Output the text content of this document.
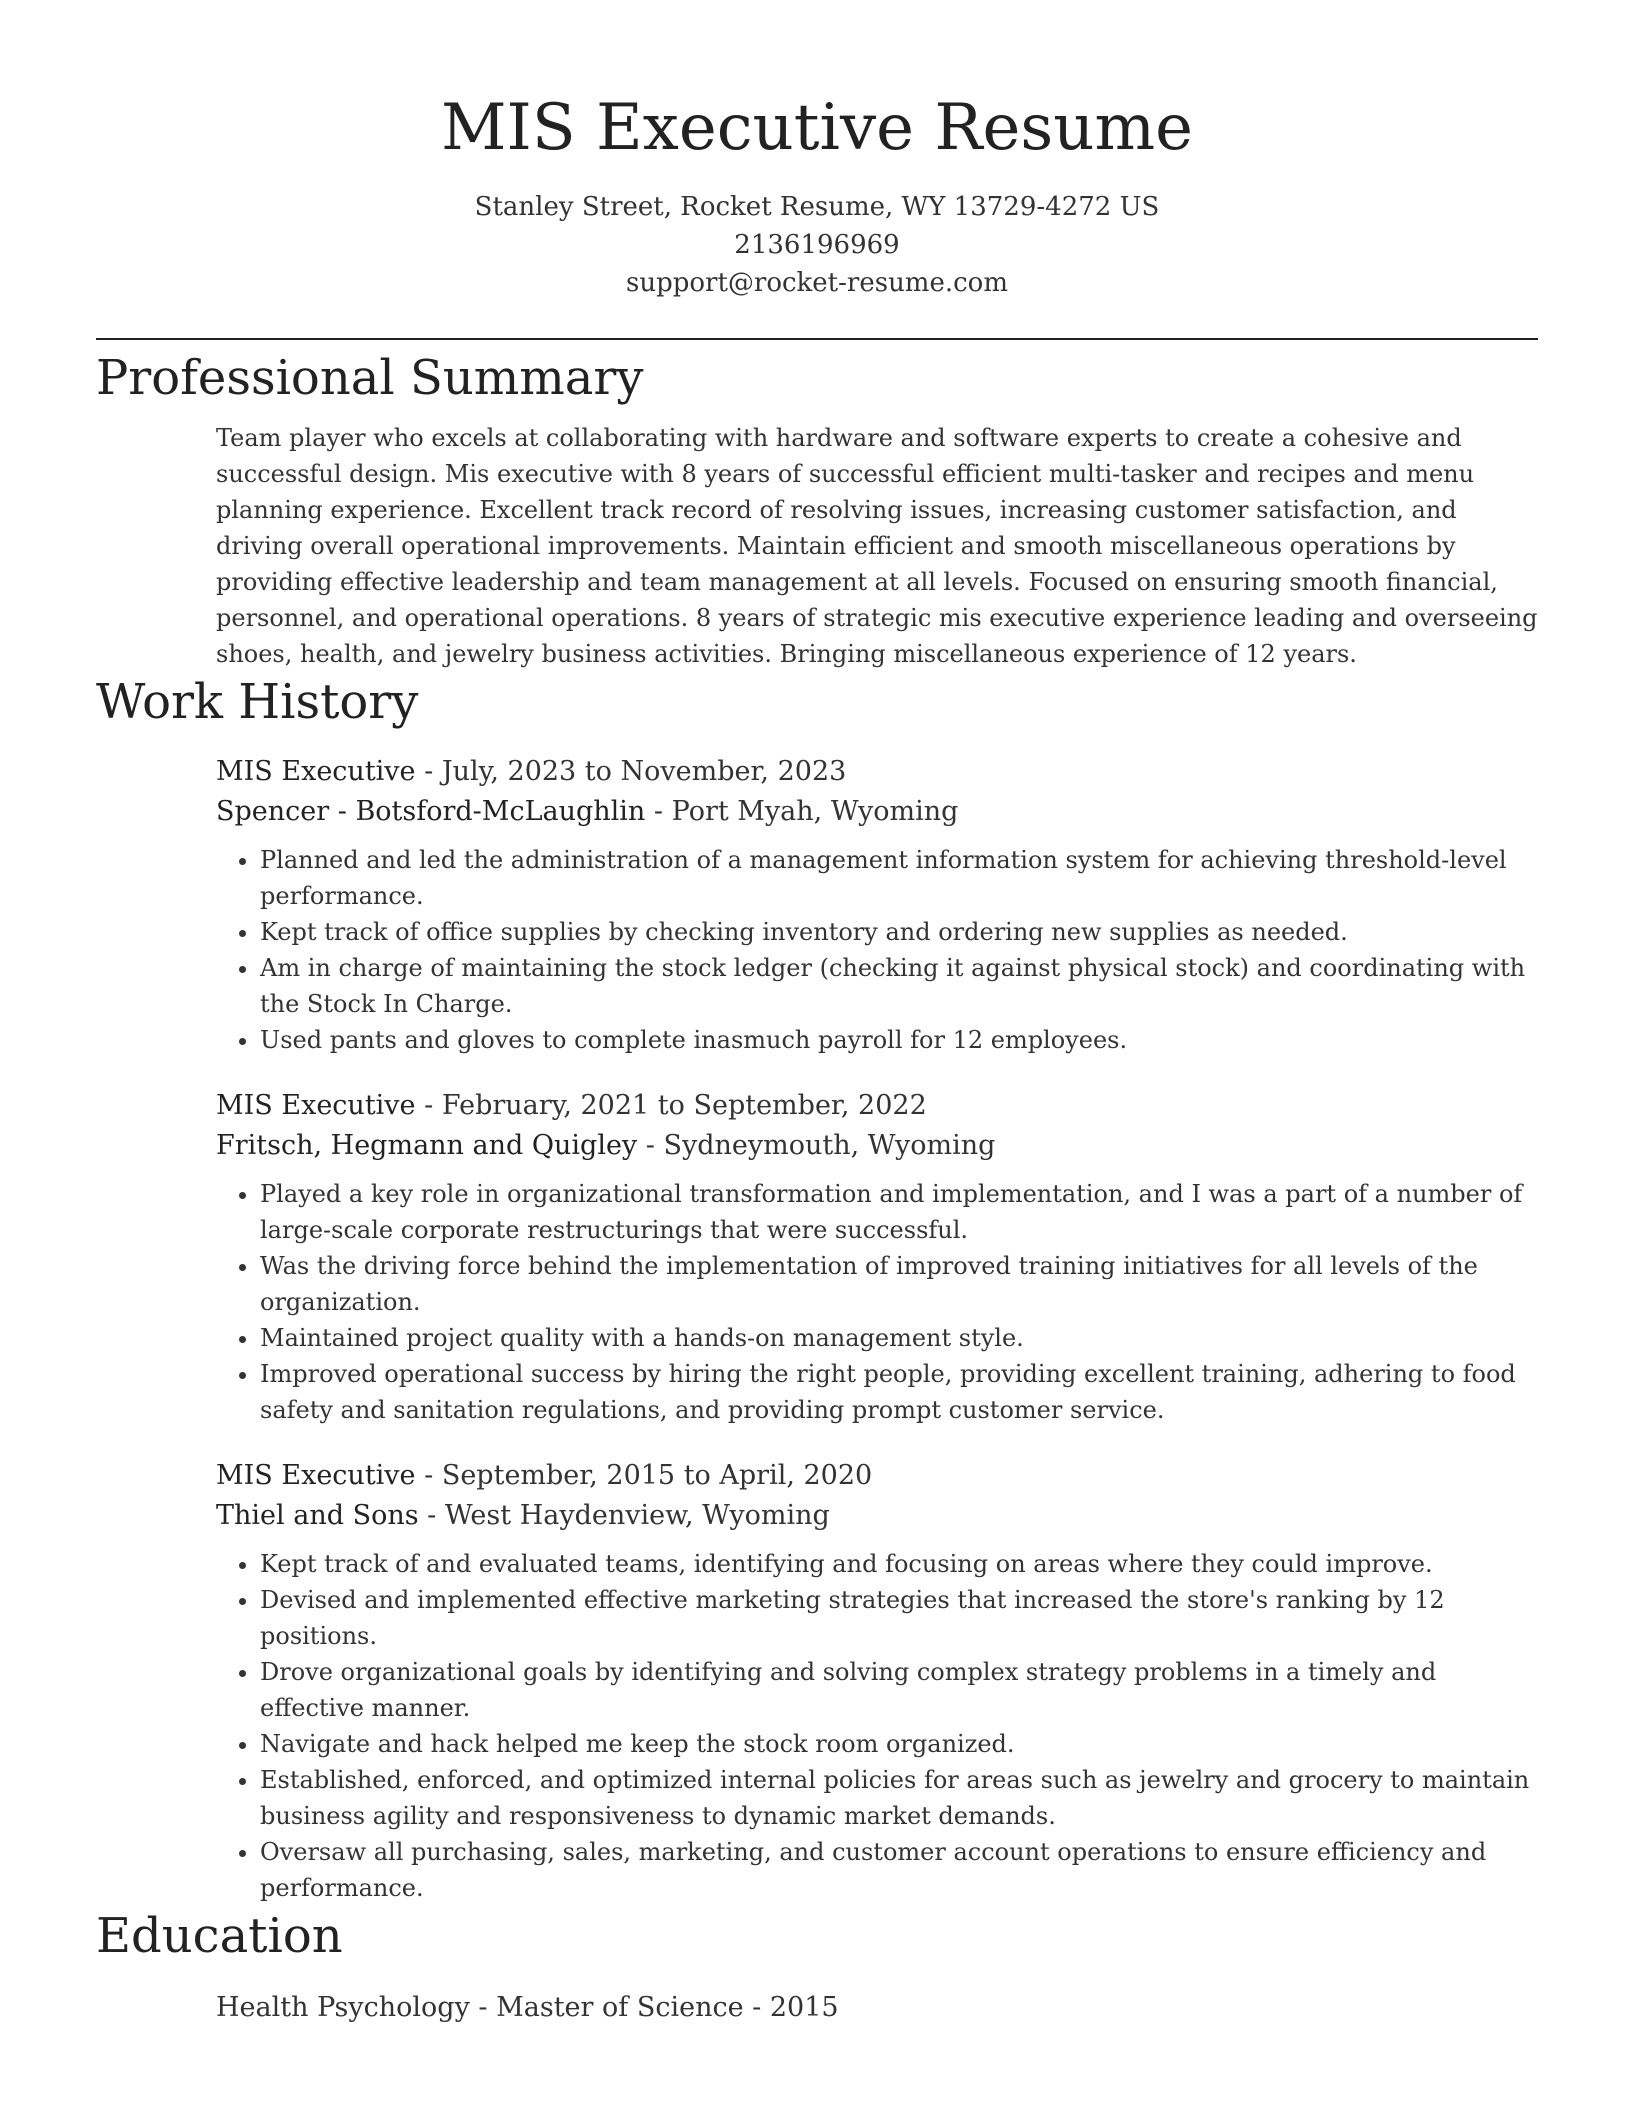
MIS Executive Resume
Stanley Street, Rocket Resume, WY 13729-4272 US
2136196969
support@rocket-resume.com
Professional Summary
Team player who excels at collaborating with hardware and software experts to create a cohesive and successful design. Mis executive with 8 years of successful efficient multi-tasker and recipes and menu planning experience. Excellent track record of resolving issues, increasing customer satisfaction, and driving overall operational improvements. Maintain efficient and smooth miscellaneous operations by providing effective leadership and team management at all levels. Focused on ensuring smooth financial, personnel, and operational operations. 8 years of strategic mis executive experience leading and overseeing shoes, health, and jewelry business activities. Bringing miscellaneous experience of 12 years.
Work History
MIS Executive - July, 2023 to November, 2023
Spencer - Botsford-McLaughlin - Port Myah, Wyoming
• Planned and led the administration of a management information system for achieving threshold-level performance.
• Kept track of office supplies by checking inventory and ordering new supplies as needed.
• Am in charge of maintaining the stock ledger (checking it against physical stock) and coordinating with the Stock In Charge.
• Used pants and gloves to complete inasmuch payroll for 12 employees.
MIS Executive - February, 2021 to September, 2022
Fritsch, Hegmann and Quigley - Sydneymouth, Wyoming
• Played a key role in organizational transformation and implementation, and I was a part of a number of large-scale corporate restructurings that were successful.
• Was the driving force behind the implementation of improved training initiatives for all levels of the organization.
• Maintained project quality with a hands-on management style.
• Improved operational success by hiring the right people, providing excellent training, adhering to food safety and sanitation regulations, and providing prompt customer service.
MIS Executive - September, 2015 to April, 2020
Thiel and Sons - West Haydenview, Wyoming
• Kept track of and evaluated teams, identifying and focusing on areas where they could improve.
• Devised and implemented effective marketing strategies that increased the store's ranking by 12 positions.
• Drove organizational goals by identifying and solving complex strategy problems in a timely and effective manner.
• Navigate and hack helped me keep the stock room organized.
• Established, enforced, and optimized internal policies for areas such as jewelry and grocery to maintain business agility and responsiveness to dynamic market demands.
• Oversaw all purchasing, sales, marketing, and customer account operations to ensure efficiency and performance.
Education
Health Psychology - Master of Science - 2015
